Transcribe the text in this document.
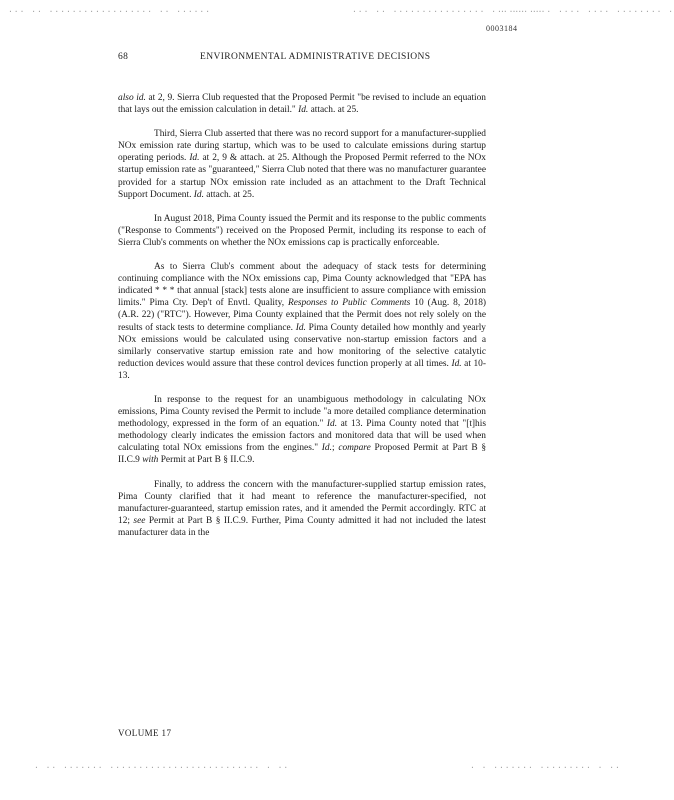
... .. .................. .. ......	... .. ................ ...... ..
. ....... .... .... ........ .
0003184
68	ENVIRONMENTAL ADMINISTRATIVE DECISIONS

also id. at 2, 9. Sierra Club requested that the Proposed Permit "be revised to include an equation that lays out the emission calculation in detail." Id. attach. at 25.

Third, Sierra Club asserted that there was no record support for a manufacturer-supplied NOx emission rate during startup, which was to be used to calculate emissions during startup operating periods. Id. at 2, 9 & attach. at 25. Although the Proposed Permit referred to the NOx startup emission rate as "guaranteed," Sierra Club noted that there was no manufacturer guarantee provided for a startup NOx emission rate included as an attachment to the Draft Technical Support Document. Id. attach. at 25.

In August 2018, Pima County issued the Permit and its response to the public comments ("Response to Comments") received on the Proposed Permit, including its response to each of Sierra Club's comments on whether the NOx emissions cap is practically enforceable.

As to Sierra Club's comment about the adequacy of stack tests for determining continuing compliance with the NOx emissions cap, Pima County acknowledged that "EPA has indicated * * * that annual [stack] tests alone are insufficient to assure compliance with emission limits." Pima Cty. Dep't of Envtl. Quality, Responses to Public Comments 10 (Aug. 8, 2018) (A.R. 22) ("RTC"). However, Pima County explained that the Permit does not rely solely on the results of stack tests to determine compliance. Id. Pima County detailed how monthly and yearly NOx emissions would be calculated using conservative non-startup emission factors and a similarly conservative startup emission rate and how monitoring of the selective catalytic reduction devices would assure that these control devices function properly at all times. Id. at 10-13.

In response to the request for an unambiguous methodology in calculating NOx emissions, Pima County revised the Permit to include "a more detailed compliance determination methodology, expressed in the form of an equation." Id. at 13. Pima County noted that "[t]his methodology clearly indicates the emission factors and monitored data that will be used when calculating total NOx emissions from the engines." Id.; compare Proposed Permit at Part B § II.C.9 with Permit at Part B § II.C.9.

Finally, to address the concern with the manufacturer-supplied startup emission rates, Pima County clarified that it had meant to reference the manufacturer-specified, not manufacturer-guaranteed, startup emission rates, and it amended the Permit accordingly. RTC at 12; see Permit at Part B § II.C.9. Further, Pima County admitted it had not included the latest manufacturer data in the

VOLUME 17
. .. ....... .......................... . ..	. . ....... ......... . ..
